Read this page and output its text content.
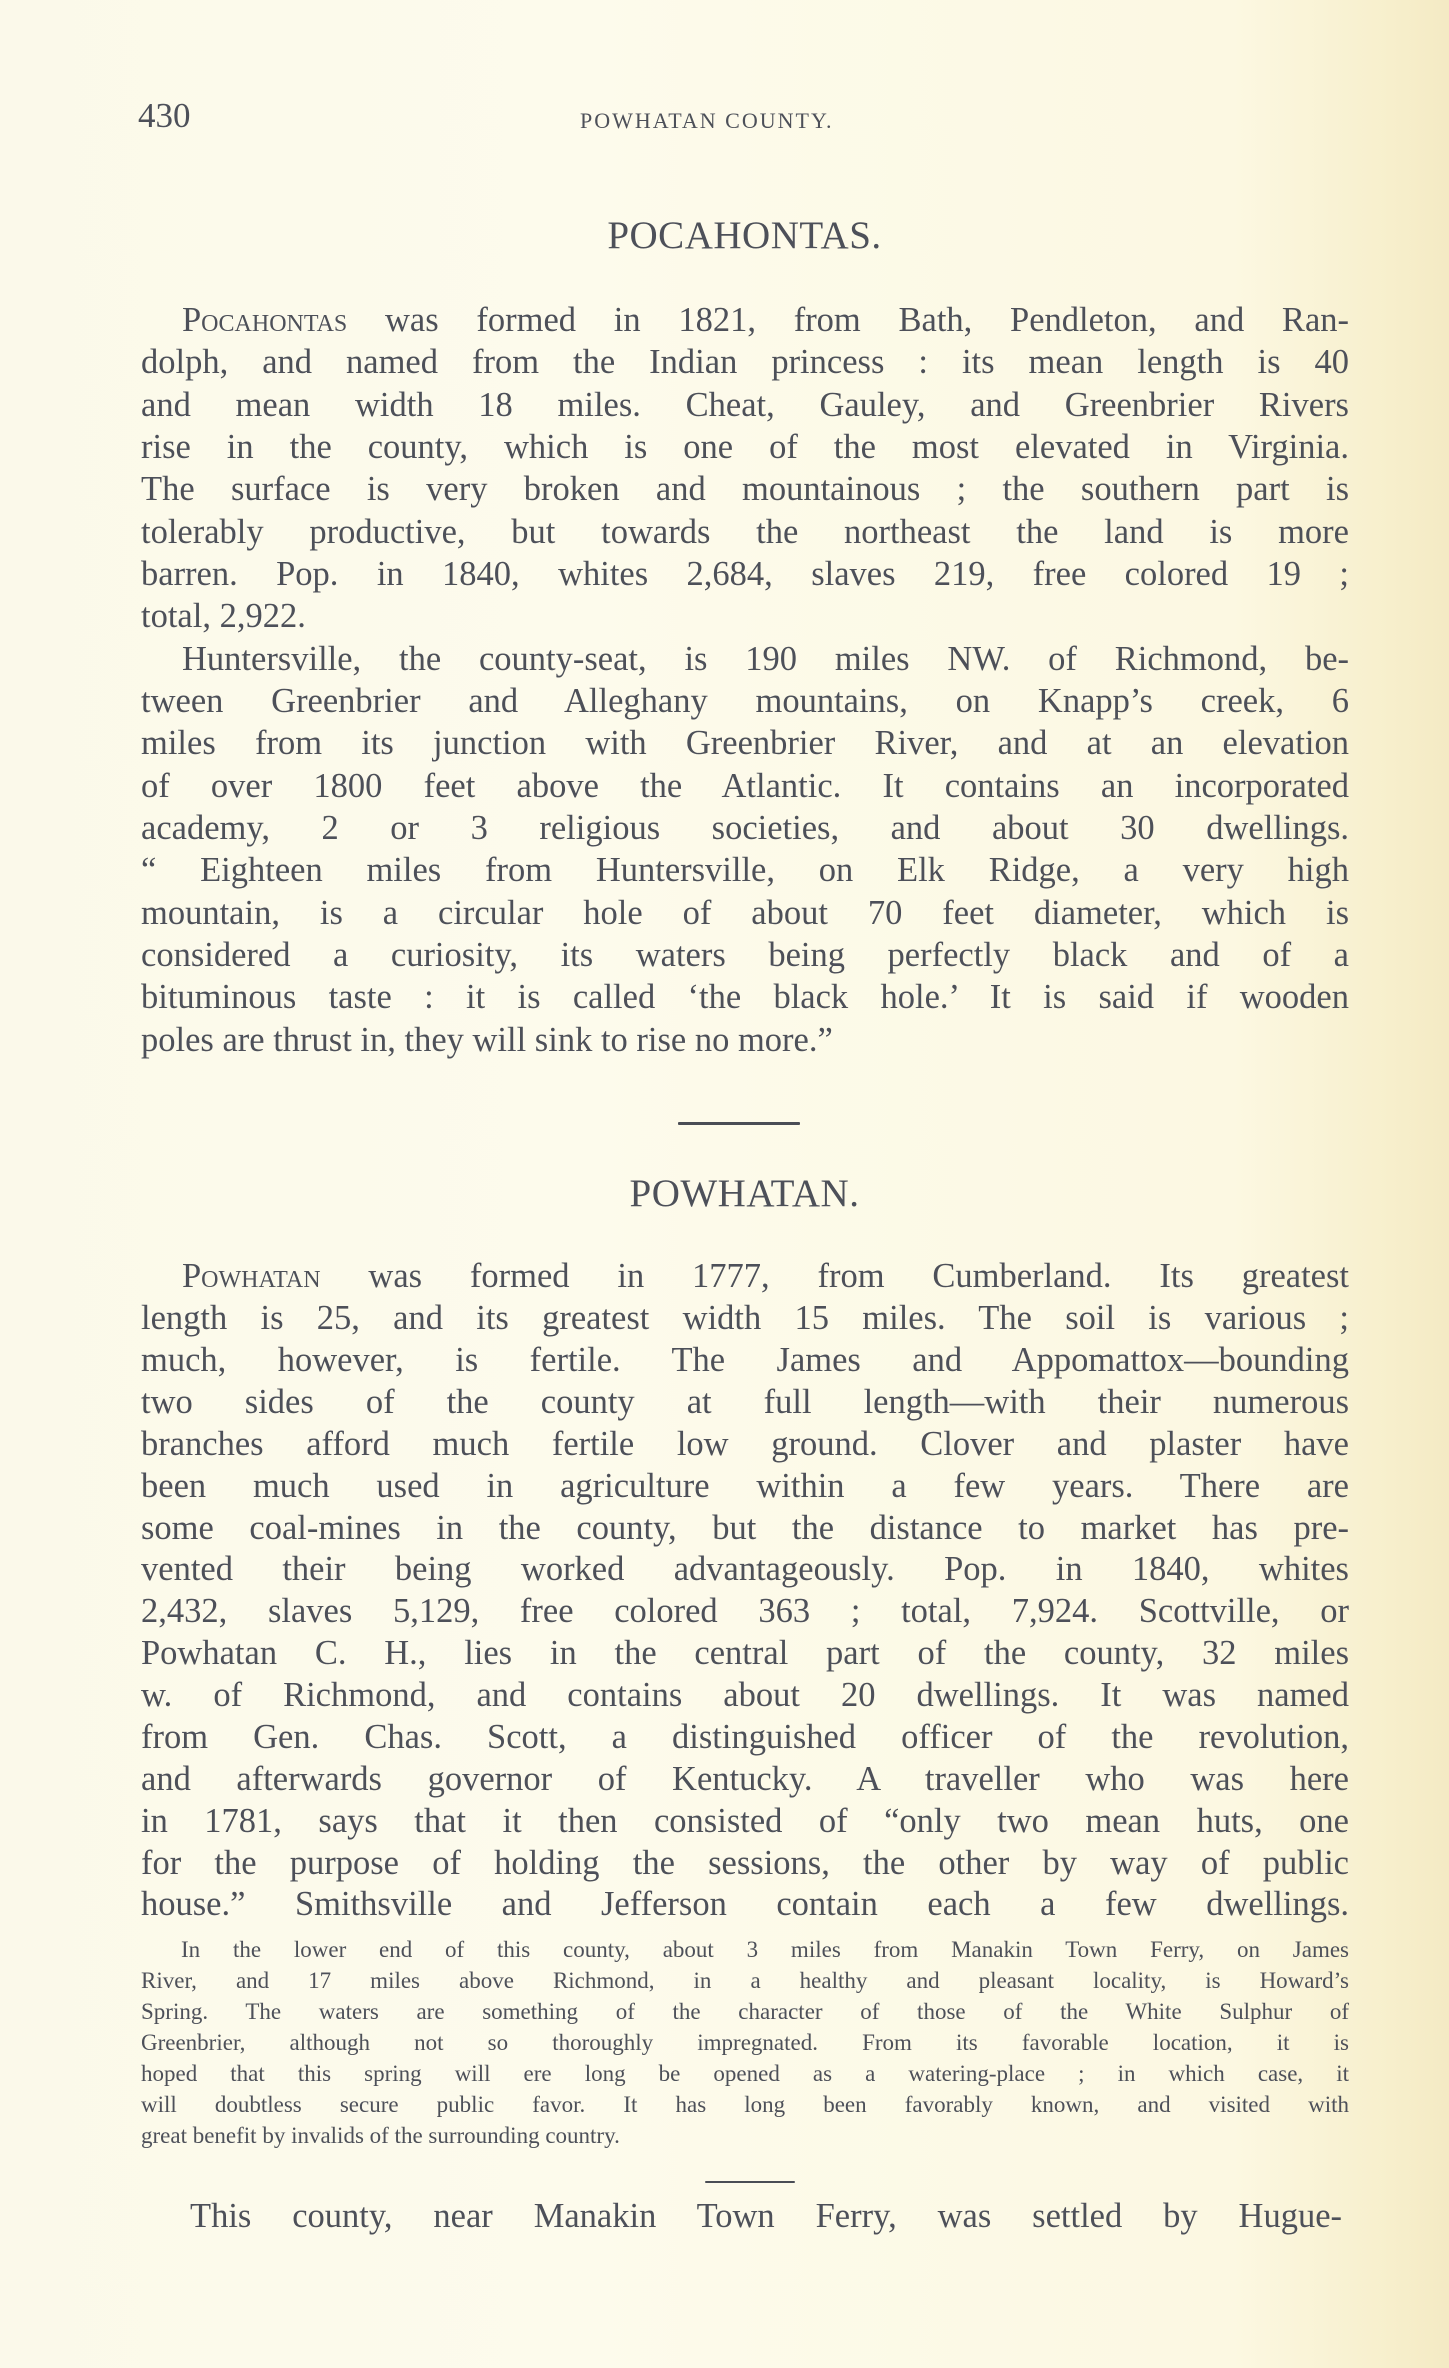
430	POWHATAN COUNTY.
POCAHONTAS.
Pocahontas was formed in 1821, from Bath, Pendleton, and Ran-
dolph, and named from the Indian princess : its mean length is 40
and mean width 18 miles. Cheat, Gauley, and Greenbrier Rivers
rise in the county, which is one of the most elevated in Virginia.
The surface is very broken and mountainous ; the southern part is
tolerably productive, but towards the northeast the land is more
barren. Pop. in 1840, whites 2,684, slaves 219, free colored 19 ;
total, 2,922.
Huntersville, the county-seat, is 190 miles NW. of Richmond, be-
tween Greenbrier and Alleghany mountains, on Knapp’s creek, 6
miles from its junction with Greenbrier River, and at an elevation
of over 1800 feet above the Atlantic. It contains an incorporated
academy, 2 or 3 religious societies, and about 30 dwellings.
“ Eighteen miles from Huntersville, on Elk Ridge, a very high
mountain, is a circular hole of about 70 feet diameter, which is
considered a curiosity, its waters being perfectly black and of a
bituminous taste : it is called ‘the black hole.’ It is said if wooden
poles are thrust in, they will sink to rise no more.”
POWHATAN.
Powhatan was formed in 1777, from Cumberland. Its greatest
length is 25, and its greatest width 15 miles. The soil is various ;
much, however, is fertile. The James and Appomattox—bounding
two sides of the county at full length—with their numerous
branches afford much fertile low ground. Clover and plaster have
been much used in agriculture within a few years. There are
some coal-mines in the county, but the distance to market has pre-
vented their being worked advantageously. Pop. in 1840, whites
2,432, slaves 5,129, free colored 363 ; total, 7,924. Scottville, or
Powhatan C. H., lies in the central part of the county, 32 miles
w. of Richmond, and contains about 20 dwellings. It was named
from Gen. Chas. Scott, a distinguished officer of the revolution,
and afterwards governor of Kentucky. A traveller who was here
in 1781, says that it then consisted of “only two mean huts, one
for the purpose of holding the sessions, the other by way of public
house.” Smithsville and Jefferson contain each a few dwellings.
In the lower end of this county, about 3 miles from Manakin Town Ferry, on James
River, and 17 miles above Richmond, in a healthy and pleasant locality, is Howard’s
Spring. The waters are something of the character of those of the White Sulphur of
Greenbrier, although not so thoroughly impregnated. From its favorable location, it is
hoped that this spring will ere long be opened as a watering-place ; in which case, it
will doubtless secure public favor. It has long been favorably known, and visited with
great benefit by invalids of the surrounding country.
This county, near Manakin Town Ferry, was settled by Hugue-
